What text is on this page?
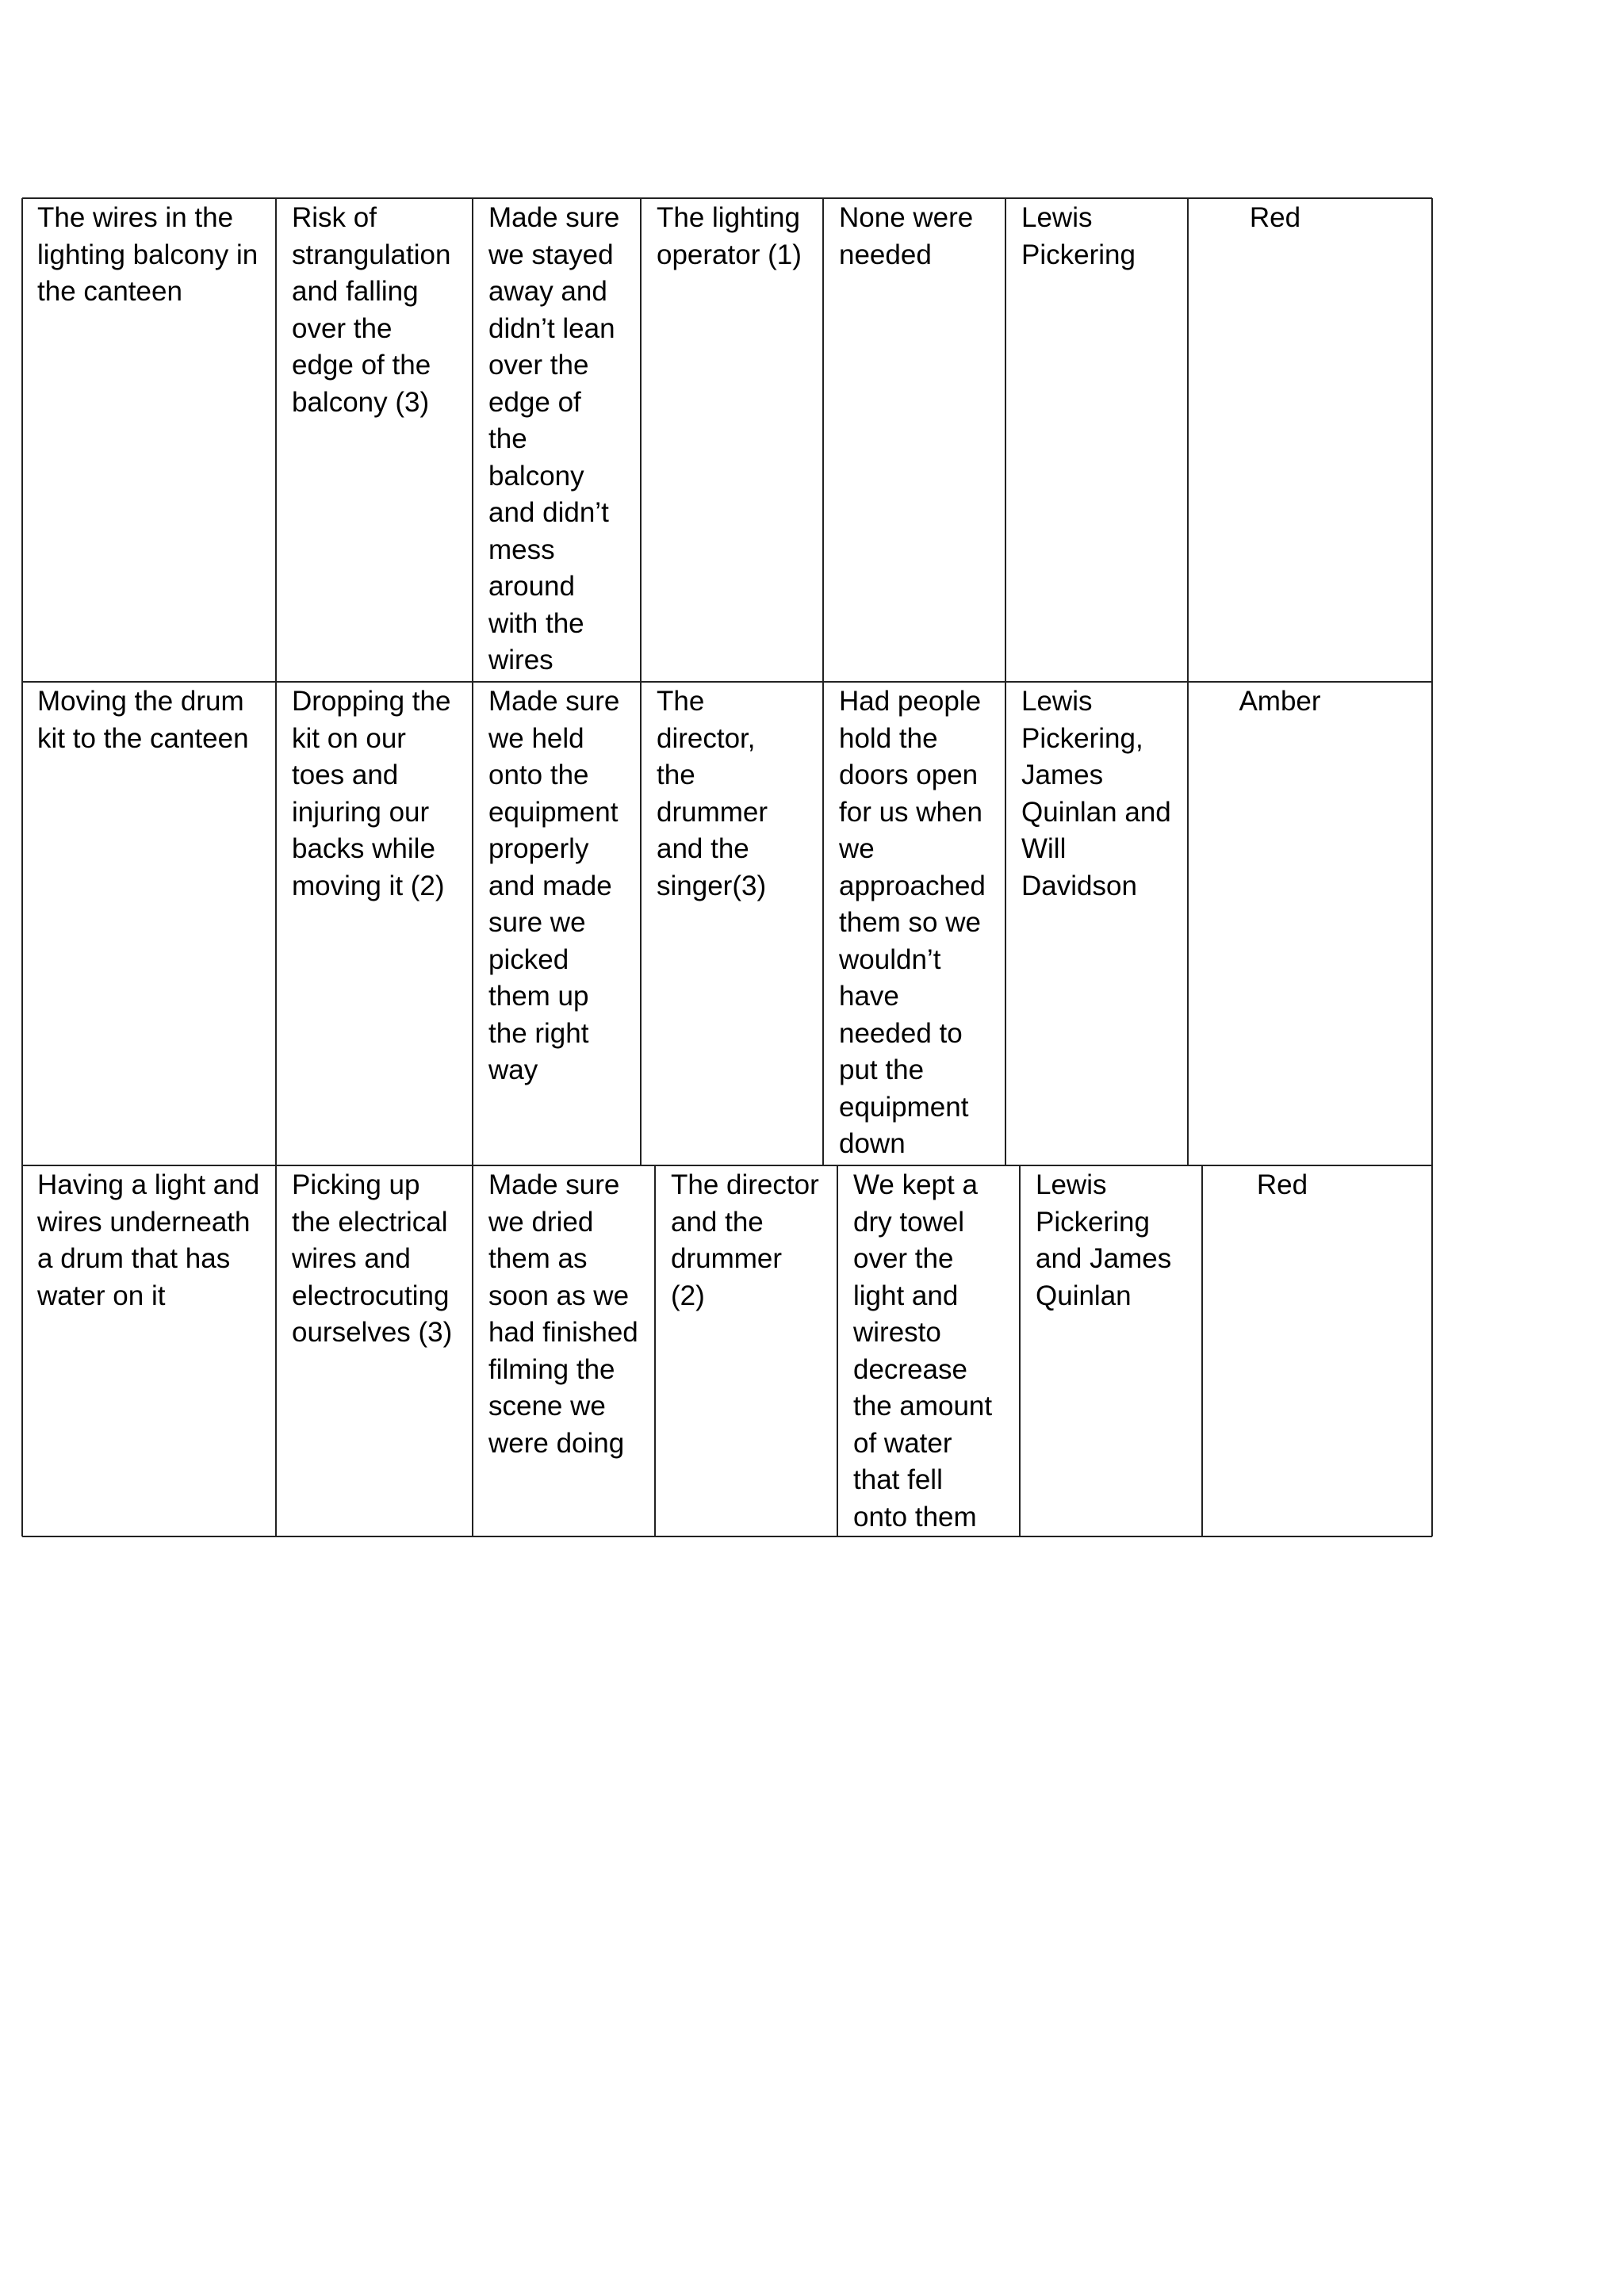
The wires in the
lighting balcony in
the canteen

Risk of
strangulation
and falling
over the
edge of the
balcony (3)

Made sure
we stayed
away and
didn’t lean
over the
edge of
the
balcony
and didn’t
mess
around
with the
wires

The lighting
operator (1)

None were
needed

Lewis
Pickering

Red

Moving the drum
kit to the canteen

Dropping the
kit on our
toes and
injuring our
backs while
moving it (2)

Made sure
we held
onto the
equipment
properly
and made
sure we
picked
them up
the right
way

The
director,
the
drummer
and the
singer(3)

Had people
hold the
doors open
for us when
we
approached
them so we
wouldn’t
have
needed to
put the
equipment
down

Lewis
Pickering,
James
Quinlan and
Will
Davidson

Amber

Having a light and
wires underneath
a drum that has
water on it

Picking up
the electrical
wires and
electrocuting
ourselves (3)

Made sure
we dried
them as
soon as we
had finished
filming the
scene we
were doing

The director
and the
drummer
(2)

We kept a
dry towel
over the
light and
wiresto
decrease
the amount
of water
that fell
onto them

Lewis
Pickering
and James
Quinlan

Red
